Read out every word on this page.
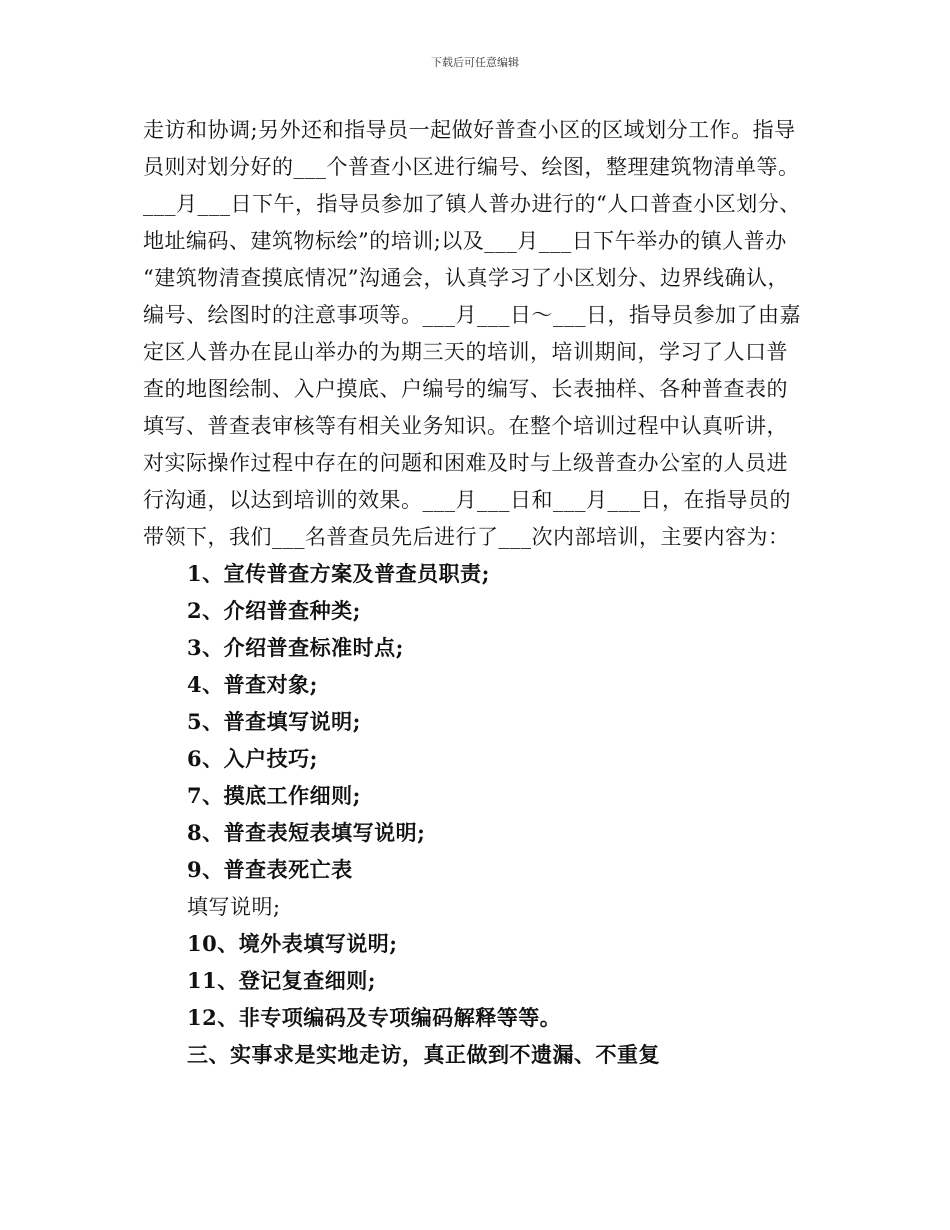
下载后可任意编辑
走访和协调;另外还和指导员一起做好普查小区的区域划分工作。指导
员则对划分好的___个普查小区进行编号、绘图，整理建筑物清单等。
___月___日下午，指导员参加了镇人普办进行的“人口普查小区划分、
地址编码、建筑物标绘”的培训;以及___月___日下午举办的镇人普办
“建筑物清查摸底情况”沟通会，认真学习了小区划分、边界线确认，
编号、绘图时的注意事项等。___月___日～___日，指导员参加了由嘉
定区人普办在昆山举办的为期三天的培训，培训期间，学习了人口普
查的地图绘制、入户摸底、户编号的编写、长表抽样、各种普查表的
填写、普查表审核等有相关业务知识。在整个培训过程中认真听讲，
对实际操作过程中存在的问题和困难及时与上级普查办公室的人员进
行沟通，以达到培训的效果。___月___日和___月___日，在指导员的
带领下，我们___名普查员先后进行了___次内部培训，主要内容为：
1、宣传普查方案及普查员职责;
2、介绍普查种类;
3、介绍普查标准时点;
4、普查对象;
5、普查填写说明;
6、入户技巧;
7、摸底工作细则;
8、普查表短表填写说明;
9、普查表死亡表
填写说明;
10、境外表填写说明;
11、登记复查细则;
12、非专项编码及专项编码解释等等。
三、实事求是实地走访，真正做到不遗漏、不重复
